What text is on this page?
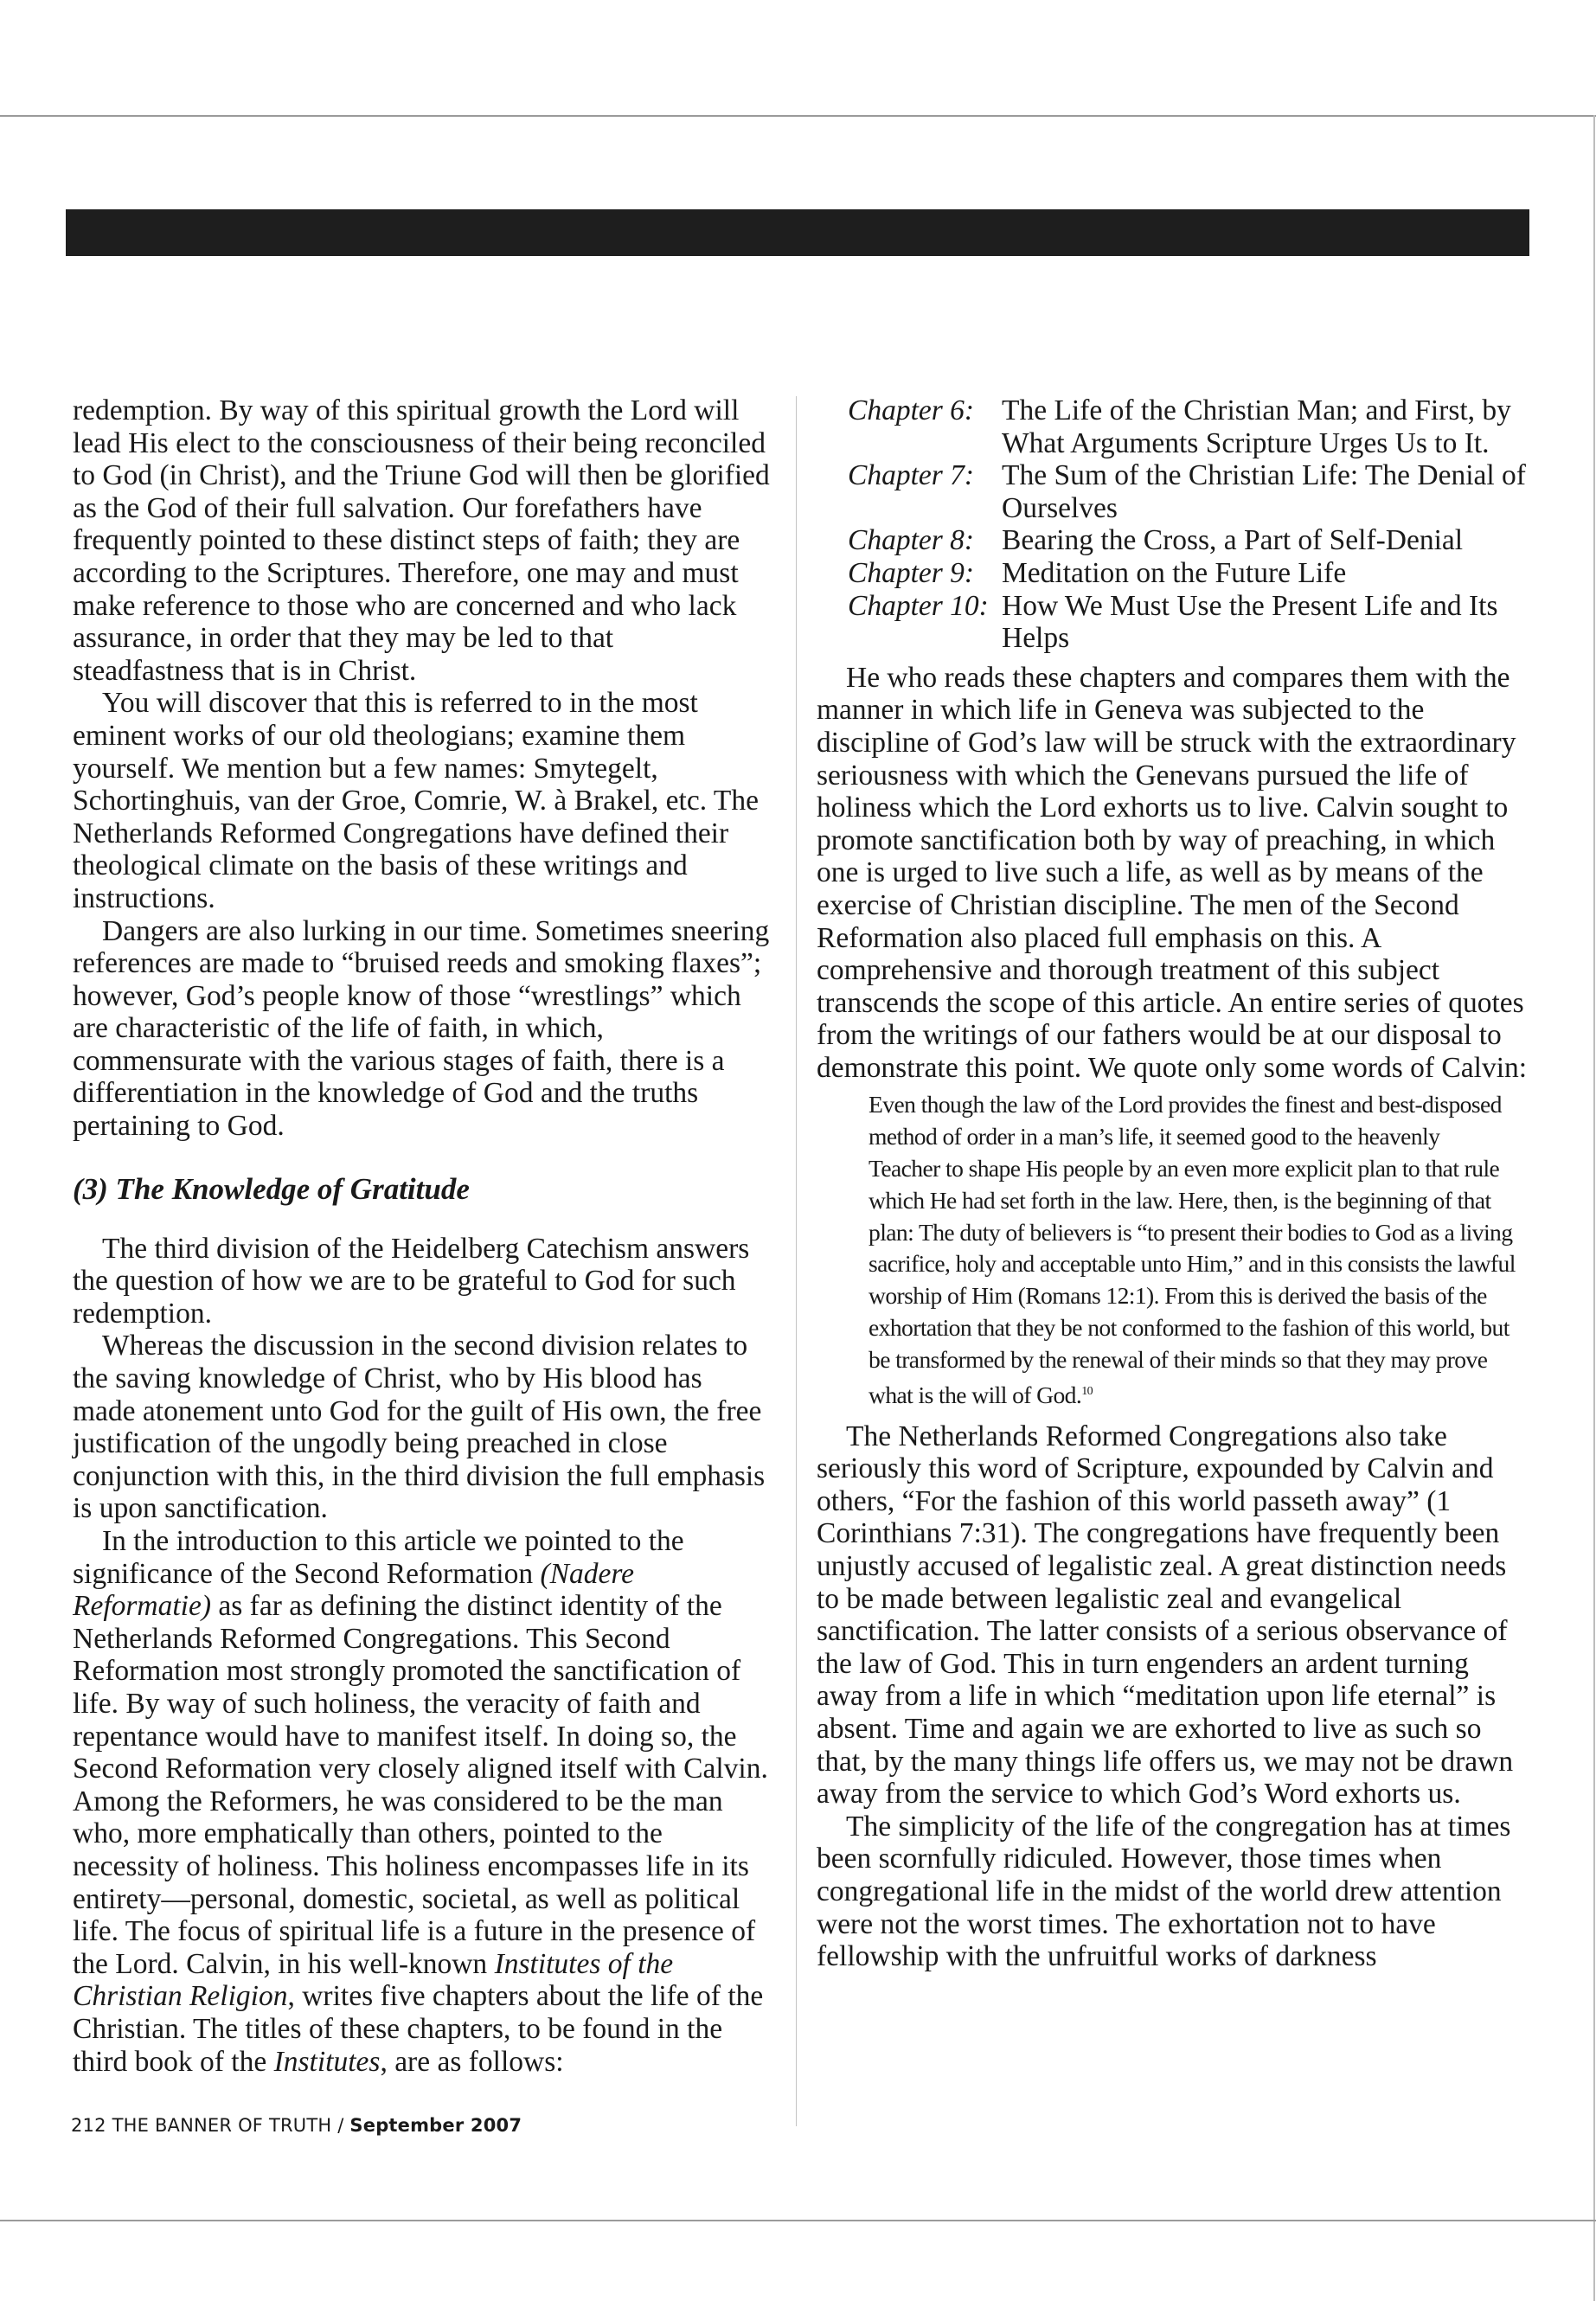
redemption. By way of this spiritual growth the Lord will lead His elect to the consciousness of their being reconciled to God (in Christ), and the Triune God will then be glorified as the God of their full salvation. Our forefathers have frequently pointed to these distinct steps of faith; they are according to the Scriptures. Therefore, one may and must make reference to those who are concerned and who lack assurance, in order that they may be led to that steadfastness that is in Christ.

You will discover that this is referred to in the most eminent works of our old theologians; examine them yourself. We mention but a few names: Smytegelt, Schortinghuis, van der Groe, Comrie, W. à Brakel, etc. The Netherlands Reformed Congregations have defined their theological climate on the basis of these writings and instructions.

Dangers are also lurking in our time. Sometimes sneering references are made to “bruised reeds and smoking flaxes”; however, God’s people know of those “wrestlings” which are characteristic of the life of faith, in which, commensurate with the various stages of faith, there is a differentiation in the knowledge of God and the truths pertaining to God.

(3) The Knowledge of Gratitude

The third division of the Heidelberg Catechism answers the question of how we are to be grateful to God for such redemption.

Whereas the discussion in the second division relates to the saving knowledge of Christ, who by His blood has made atonement unto God for the guilt of His own, the free justification of the ungodly being preached in close conjunction with this, in the third division the full emphasis is upon sanctification.

In the introduction to this article we pointed to the significance of the Second Reformation (Nadere Reformatie) as far as defining the distinct identity of the Netherlands Reformed Congregations. This Second Reformation most strongly promoted the sanctification of life. By way of such holiness, the veracity of faith and repentance would have to manifest itself. In doing so, the Second Reformation very closely aligned itself with Calvin. Among the Reformers, he was considered to be the man who, more emphatically than others, pointed to the necessity of holiness. This holiness encompasses life in its entirety—personal, domestic, societal, as well as political life. The focus of spiritual life is a future in the presence of the Lord. Calvin, in his well-known Institutes of the Christian Religion, writes five chapters about the life of the Christian. The titles of these chapters, to be found in the third book of the Institutes, are as follows:

Chapter 6: The Life of the Christian Man; and First, by What Arguments Scripture Urges Us to It.
Chapter 7: The Sum of the Christian Life: The Denial of Ourselves
Chapter 8: Bearing the Cross, a Part of Self-Denial
Chapter 9: Meditation on the Future Life
Chapter 10: How We Must Use the Present Life and Its Helps

He who reads these chapters and compares them with the manner in which life in Geneva was subjected to the discipline of God’s law will be struck with the extraordinary seriousness with which the Genevans pursued the life of holiness which the Lord exhorts us to live. Calvin sought to promote sanctification both by way of preaching, in which one is urged to live such a life, as well as by means of the exercise of Christian discipline. The men of the Second Reformation also placed full emphasis on this. A comprehensive and thorough treatment of this subject transcends the scope of this article. An entire series of quotes from the writings of our fathers would be at our disposal to demonstrate this point. We quote only some words of Calvin:

Even though the law of the Lord provides the finest and best-disposed method of order in a man’s life, it seemed good to the heavenly Teacher to shape His people by an even more explicit plan to that rule which He had set forth in the law. Here, then, is the beginning of that plan: The duty of believers is “to present their bodies to God as a living sacrifice, holy and acceptable unto Him,” and in this consists the lawful worship of Him (Romans 12:1). From this is derived the basis of the exhortation that they be not conformed to the fashion of this world, but be transformed by the renewal of their minds so that they may prove what is the will of God.$^{10}$

The Netherlands Reformed Congregations also take seriously this word of Scripture, expounded by Calvin and others, “For the fashion of this world passeth away” (1 Corinthians 7:31). The congregations have frequently been unjustly accused of legalistic zeal. A great distinction needs to be made between legalistic zeal and evangelical sanctification. The latter consists of a serious observance of the law of God. This in turn engenders an ardent turning away from a life in which “meditation upon life eternal” is absent. Time and again we are exhorted to live as such so that, by the many things life offers us, we may not be drawn away from the service to which God’s Word exhorts us.

The simplicity of the life of the congregation has at times been scornfully ridiculed. However, those times when congregational life in the midst of the world drew attention were not the worst times. The exhortation not to have fellowship with the unfruitful works of darkness

212 THE BANNER OF TRUTH / September 2007
